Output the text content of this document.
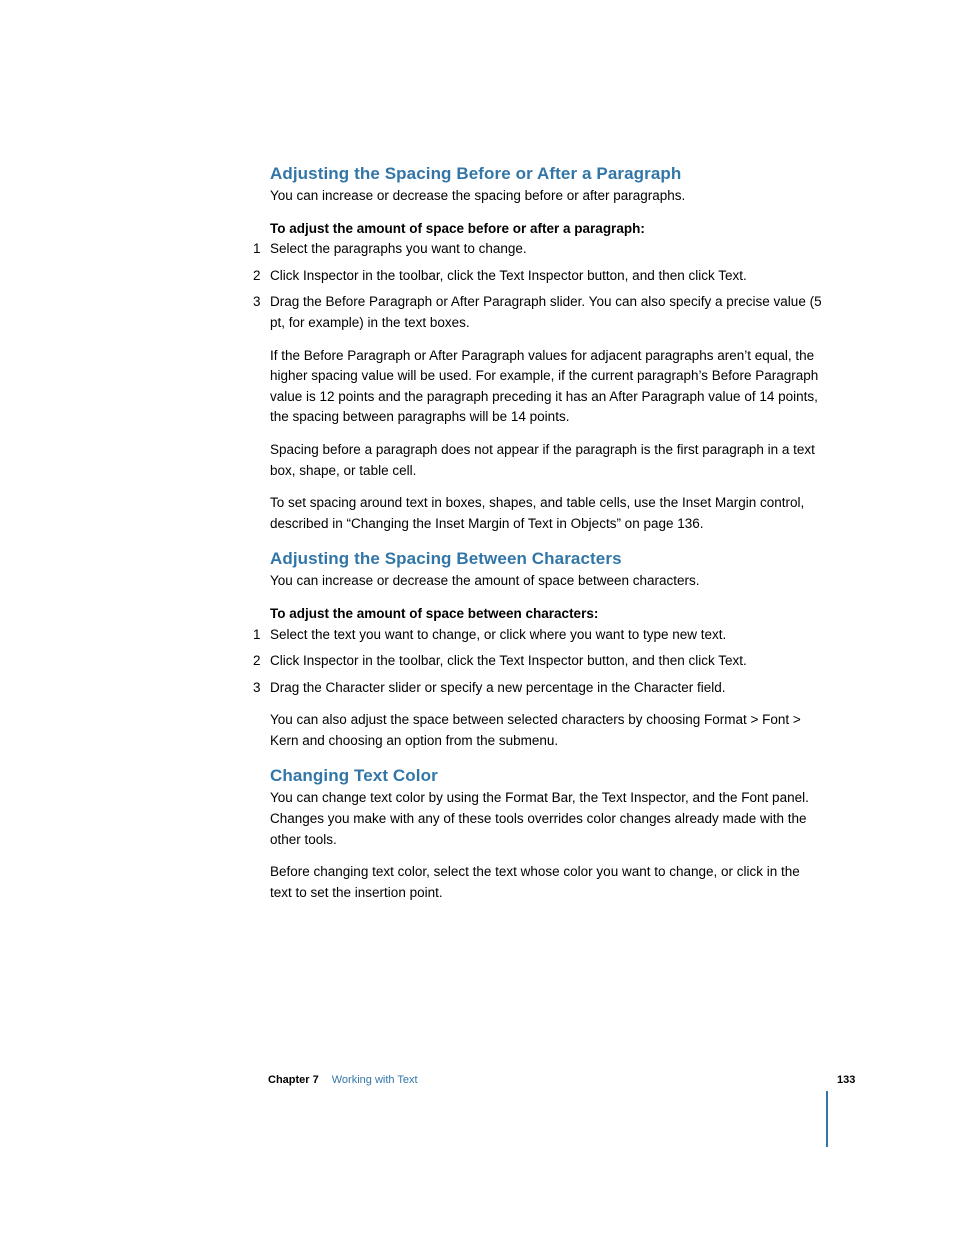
Adjusting the Spacing Before or After a Paragraph

You can increase or decrease the spacing before or after paragraphs.

To adjust the amount of space before or after a paragraph:

1 Select the paragraphs you want to change.
2 Click Inspector in the toolbar, click the Text Inspector button, and then click Text.
3 Drag the Before Paragraph or After Paragraph slider. You can also specify a precise value (5 pt, for example) in the text boxes.

If the Before Paragraph or After Paragraph values for adjacent paragraphs aren’t equal, the higher spacing value will be used. For example, if the current paragraph’s Before Paragraph value is 12 points and the paragraph preceding it has an After Paragraph value of 14 points, the spacing between paragraphs will be 14 points.

Spacing before a paragraph does not appear if the paragraph is the first paragraph in a text box, shape, or table cell.

To set spacing around text in boxes, shapes, and table cells, use the Inset Margin control, described in “Changing the Inset Margin of Text in Objects” on page 136.

Adjusting the Spacing Between Characters

You can increase or decrease the amount of space between characters.

To adjust the amount of space between characters:

1 Select the text you want to change, or click where you want to type new text.
2 Click Inspector in the toolbar, click the Text Inspector button, and then click Text.
3 Drag the Character slider or specify a new percentage in the Character field.

You can also adjust the space between selected characters by choosing Format > Font > Kern and choosing an option from the submenu.

Changing Text Color

You can change text color by using the Format Bar, the Text Inspector, and the Font panel. Changes you make with any of these tools overrides color changes already made with the other tools.

Before changing text color, select the text whose color you want to change, or click in the text to set the insertion point.

Chapter 7 Working with Text	133
